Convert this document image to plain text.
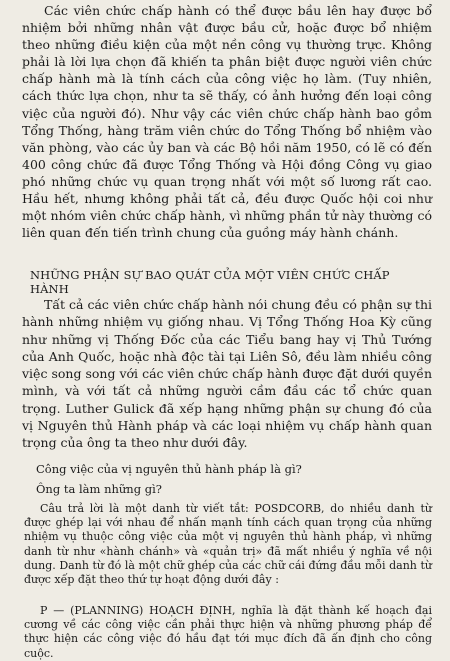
Các viên chức chấp hành có thể được bầu lên hay được bổ nhiệm bởi những nhân vật được bầu cử, hoặc được bổ nhiệm theo những điều kiện của một nền công vụ thường trực. Không phải là lời lựa chọn đã khiến ta phân biệt được người viên chức chấp hành mà là tính cách của công việc họ làm. (Tuy nhiên, cách thức lựa chọn, như ta sẽ thấy, có ảnh hưởng đến loại công việc của người đó). Như vậy các viên chức chấp hành bao gồm Tổng Thống, hàng trăm viên chức do Tổng Thống bổ nhiệm vào văn phòng, vào các ủy ban và các Bộ hồi năm 1950, có lẽ có đến 400 công chức đã được Tổng Thống và Hội đồng Công vụ giao phó những chức vụ quan trọng nhất với một số lương rất cao. Hầu hết, nhưng không phải tất cả, đều được Quốc hội coi như một nhóm viên chức chấp hành, vì những phần tử này thường có liên quan đến tiến trình chung của guồng máy hành chánh.

NHỮNG PHẬN SỰ BAO QUÁT CỦA MỘT VIÊN CHỨC CHẤP HÀNH

Tất cả các viên chức chấp hành nói chung đều có phận sự thi hành những nhiệm vụ giống nhau. Vị Tổng Thống Hoa Kỳ cũng như những vị Thống Đốc của các Tiểu bang hay vị Thủ Tướng của Anh Quốc, hoặc nhà độc tài tại Liên Sô, đều làm nhiều công việc song song với các viên chức chấp hành được đặt dưới quyền mình, và với tất cả những người cầm đầu các tổ chức quan trọng. Luther Gulick đã xếp hạng những phận sự chung đó của vị Nguyên thủ Hành pháp và các loại nhiệm vụ chấp hành quan trọng của ông ta theo như dưới đây.

Công việc của vị nguyên thủ hành pháp là gì?

Ông ta làm những gì?

Câu trả lời là một danh từ viết tắt: POSDCORB, do nhiều danh từ được ghép lại với nhau để nhấn mạnh tính cách quan trọng của những nhiệm vụ thuộc công việc của một vị nguyên thủ hành pháp, vì những danh từ như «hành chánh» và «quản trị» đã mất nhiều ý nghĩa về nội dung. Danh từ đó là một chữ ghép của các chữ cái đứng đầu mỗi danh từ được xếp đặt theo thứ tự hoạt động dưới đây :

P — (PLANNING) HOẠCH ĐỊNH, nghĩa là đặt thành kế hoạch đại cương về các công việc cần phải thực hiện và những phương pháp để thực hiện các công việc đó hầu đạt tới mục đích đã ấn định cho công cuộc.
